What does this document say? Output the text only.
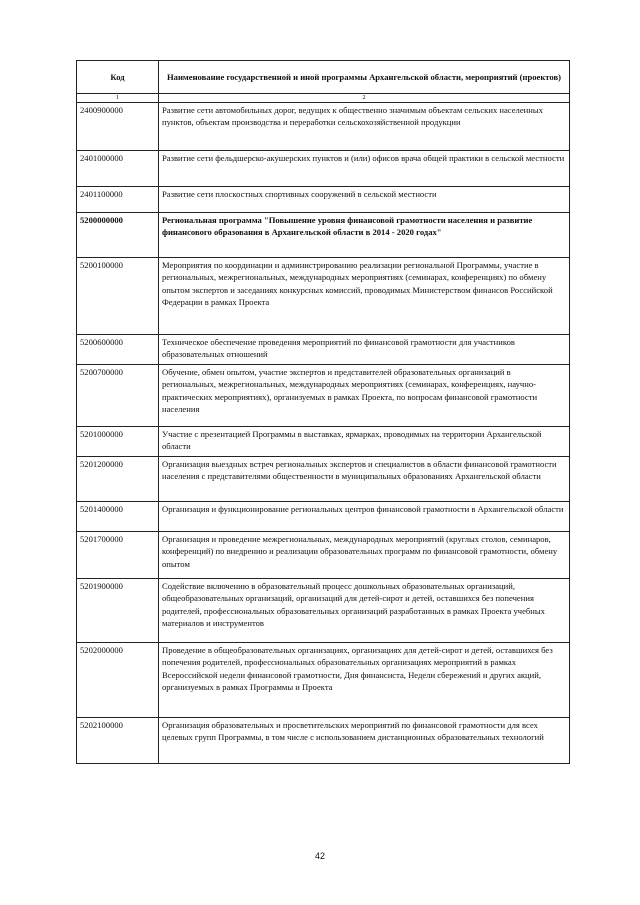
Код	Наименование государственной и иной программы Архангельской области, мероприятий (проектов)
1	2
2400900000	Развитие сети автомобильных дорог, ведущих к общественно значимым объектам сельских населенных пунктов, объектам производства и переработки сельскохозяйственной продукции
2401000000	Развитие сети фельдшерско-акушерских пунктов и (или) офисов врача общей практики в сельской местности
2401100000	Развитие сети плоскостных спортивных сооружений в сельской местности
5200000000	Региональная программа "Повышение уровня финансовой грамотности населения и развитие финансового образования в Архангельской области в 2014 - 2020 годах"
5200100000	Мероприятия по координации и администрированию реализации региональной Программы, участие в региональных, межрегиональных, международных мероприятиях (семинарах, конференциях) по обмену опытом экспертов и заседаниях конкурсных комиссий, проводимых Министерством финансов Российской Федерации в рамках Проекта
5200600000	Техническое обеспечение проведения мероприятий по финансовой грамотности для участников образовательных отношений
5200700000	Обучение, обмен опытом, участие экспертов и представителей образовательных организаций в региональных, межрегиональных, международных мероприятиях (семинарах, конференциях, научно-практических мероприятиях), организуемых в рамках Проекта, по вопросам финансовой грамотности населения
5201000000	Участие с презентацией Программы в выставках, ярмарках, проводимых на территории Архангельской области
5201200000	Организация выездных встреч региональных экспертов и специалистов в области финансовой грамотности населения с представителями общественности в муниципальных образованиях Архангельской области
5201400000	Организация и функционирование региональных центров финансовой грамотности в Архангельской области
5201700000	Организация и проведение межрегиональных, международных мероприятий (круглых столов, семинаров, конференций) по внедрению и реализации образовательных программ по финансовой грамотности, обмену опытом
5201900000	Содействие включению в образовательный процесс дошкольных образовательных организаций, общеобразовательных организаций, организаций для детей-сирот и детей, оставшихся без попечения родителей, профессиональных образовательных организаций разработанных в рамках Проекта учебных материалов и инструментов
5202000000	Проведение в общеобразовательных организациях, организациях для детей-сирот и детей, оставшихся без попечения родителей, профессиональных образовательных организациях мероприятий в рамках Всероссийской недели финансовой грамотности, Дня финансиста, Недели сбережений и других акций, организуемых в рамках Программы и Проекта
5202100000	Организация образовательных и просветительских мероприятий по финансовой грамотности для всех целевых групп Программы, в том числе с использованием дистанционных образовательных технологий
42
